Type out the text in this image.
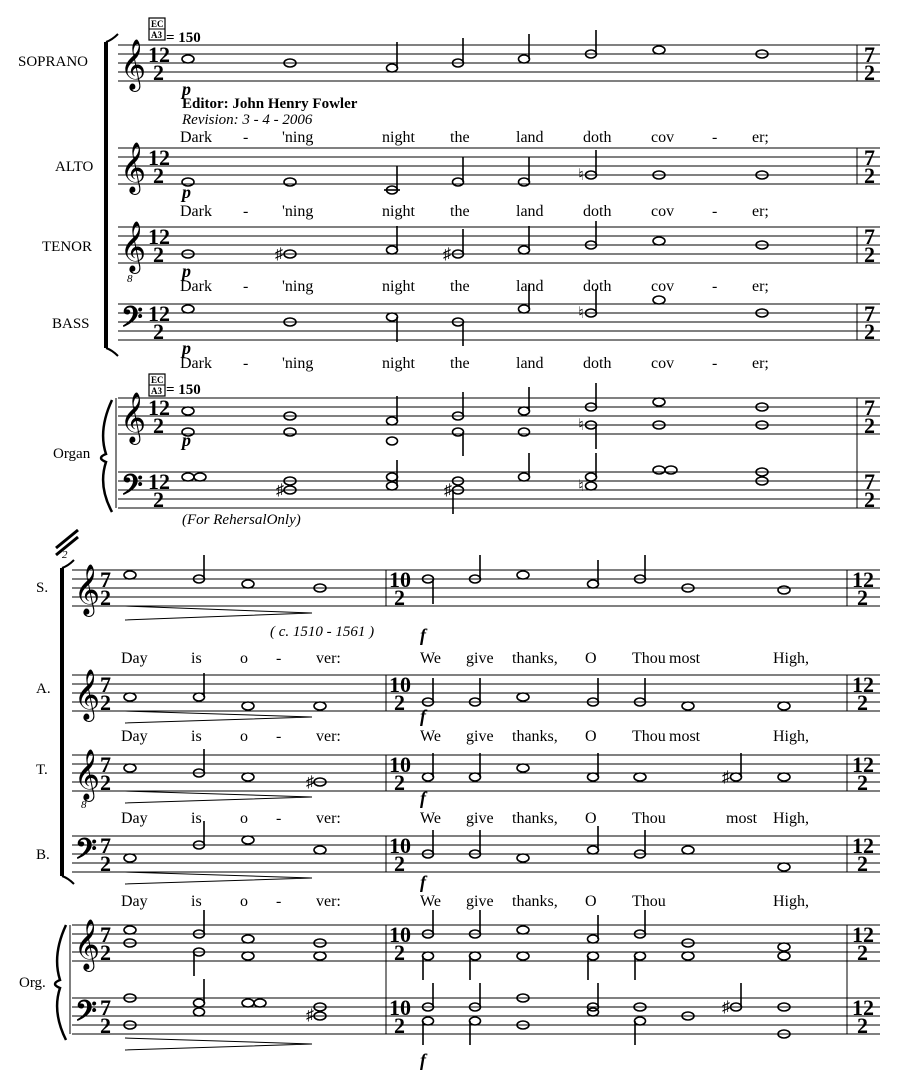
SOPRANO
ALTO
TENOR
BASS
Organ
EC
A3 = 150
𝄞
𝄞
𝄞
8
𝄢
𝄞
𝄢
12
2
12
2
12
2
12
2
12
2
12
2
7
2
7
2
7
2
7
2
7
2
7
2
Editor: John Henry Fowler
Revision: 3 - 4 - 2006
p
p
p
p
p
EC
A3 = 150
(For RehersalOnly)
Dark - 'ning	night the	land doth cov - er;
Dark - 'ning	night the	land doth cov - er;
Dark - 'ning	night the	land doth cov - er;
Dark - 'ning	night the	land doth cov - er;
♯	♯
♮
♮
♯	♯
♮
♮
2
S.
A.
T.
B.
Org.
𝄞
𝄞
𝄞
8
𝄢
𝄞
𝄢
7
2
7
2
7
2
7
2
7
2
7
2
10
2
10
2
10
2
10
2
10
2
10
2
12
2
12
2
12
2
12
2
12
2
12
2
( c. 1510 - 1561 )	f
f
f
f
f
Day	is o - ver:	We give thanks, O Thou most	High,
Day	is o - ver:	We give thanks, O Thou most	High,
Day	is o - ver:	We give thanks, O Thou	most High,
Day	is o - ver:	We give thanks, O Thou	High,
♯	♯
♯	♯
